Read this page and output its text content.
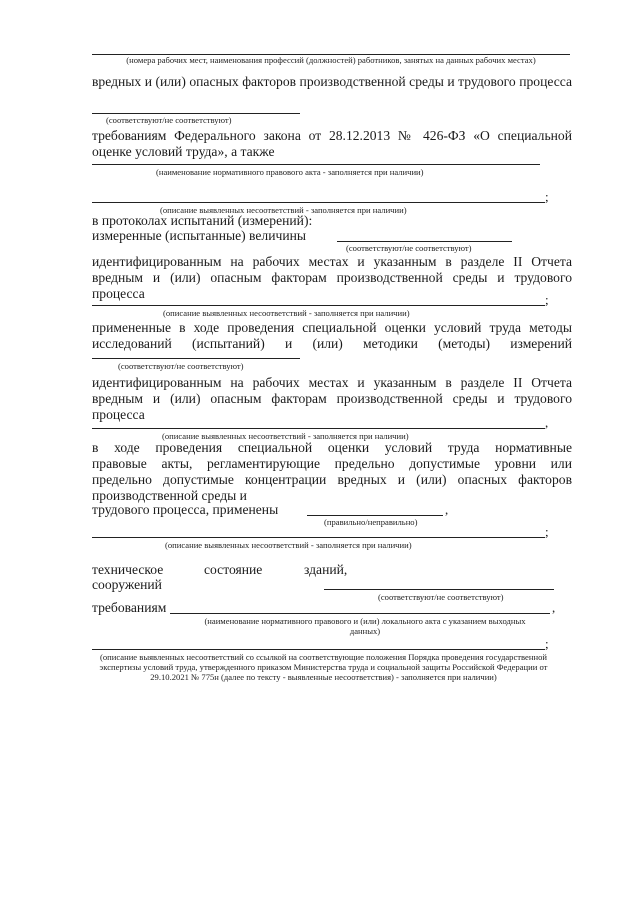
(номера рабочих мест, наименования профессий (должностей) работников, занятых на данных рабочих местах)
вредных и (или) опасных факторов производственной среды и трудового процесса
(соответствуют/не соответствуют)
требованиям Федерального закона от 28.12.2013 № 426-ФЗ «О специальной
оценке условий труда», а также
(наименование нормативного правового акта - заполняется при наличии)
;
(описание выявленных несоответствий - заполняется при наличии)
в протоколах испытаний (измерений):
измеренные (испытанные) величины
(соответствуют/не соответствуют)
идентифицированным на рабочих местах и указанным в разделе II Отчета вредным и (или) опасным факторам производственной среды и трудового процесса	;
(описание выявленных несоответствий - заполняется при наличии)
примененные в ходе проведения специальной оценки условий труда методы исследований (испытаний) и (или) методики (методы) измерений
(соответствуют/не соответствуют)
идентифицированным на рабочих местах и указанным в разделе II Отчета вредным и (или) опасным факторам производственной среды и трудового процесса
,
(описание выявленных несоответствий - заполняется при наличии)
в ходе проведения специальной оценки условий труда нормативные
правовые акты, регламентирующие предельно допустимые уровни или
предельно допустимые концентрации вредных и (или) опасных факторов
производственной среды и
трудового процесса, применены	,
(правильно/неправильно)
;
(описание выявленных несоответствий - заполняется при наличии)
техническое	состояние	зданий,
сооружений
(соответствуют/не соответствуют)
требованиям	,
(наименование нормативного правового и (или) локального акта с указанием выходных данных)
;
(описание выявленных несоответствий со ссылкой на соответствующие положения Порядка проведения государственной экспертизы условий труда, утвержденного приказом Министерства труда и социальной защиты Российской Федерации от 29.10.2021 № 775н (далее по тексту - выявленные несоответствия) - заполняется при наличии)
